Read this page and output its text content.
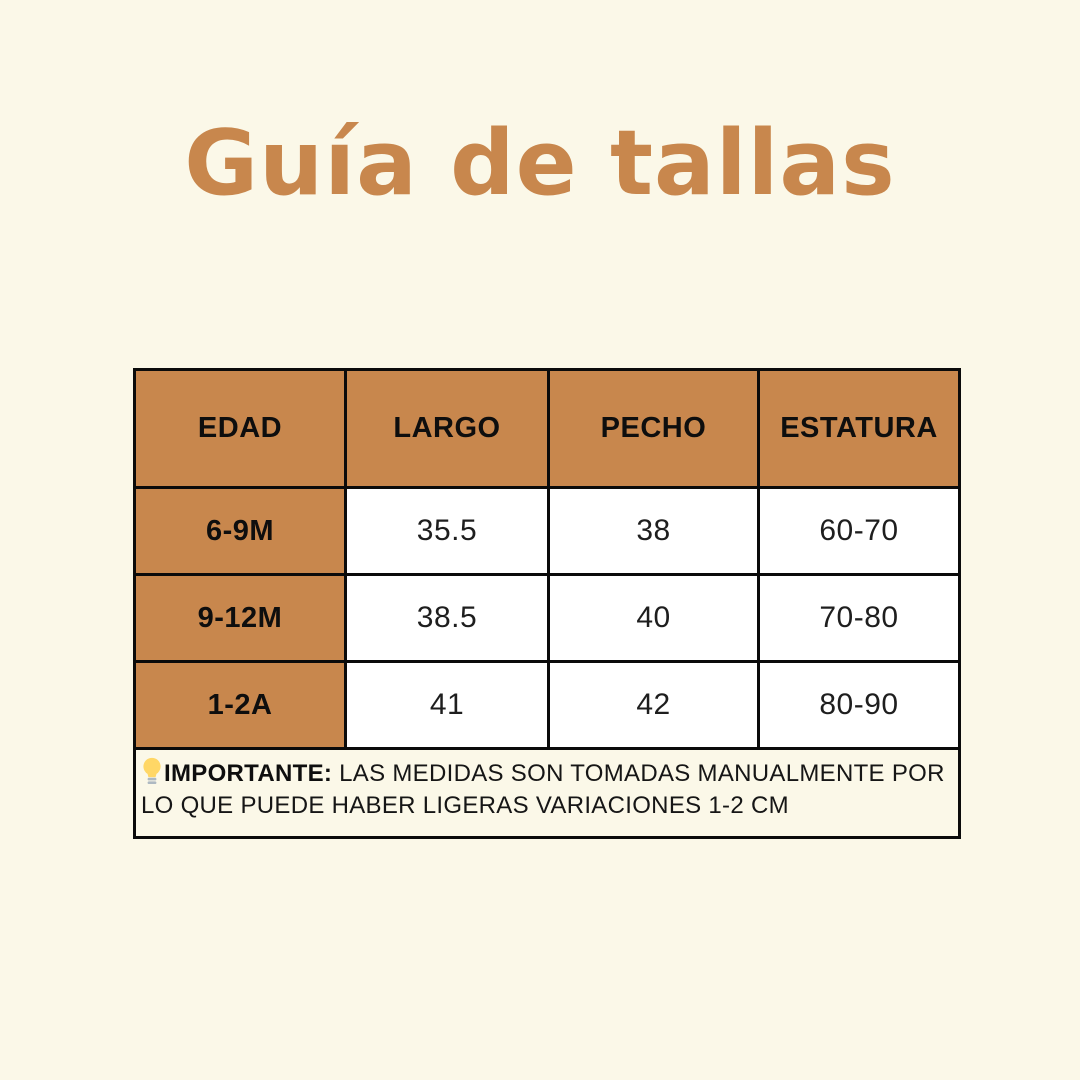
Guía de tallas
EDAD	LARGO	PECHO	ESTATURA
6-9M	35.5	38	60-70
9-12M	38.5	40	70-80
1-2A	41	42	80-90

IMPORTANTE: LAS MEDIDAS SON TOMADAS MANUALMENTE POR LO QUE PUEDE HABER LIGERAS VARIACIONES 1-2 CM			
